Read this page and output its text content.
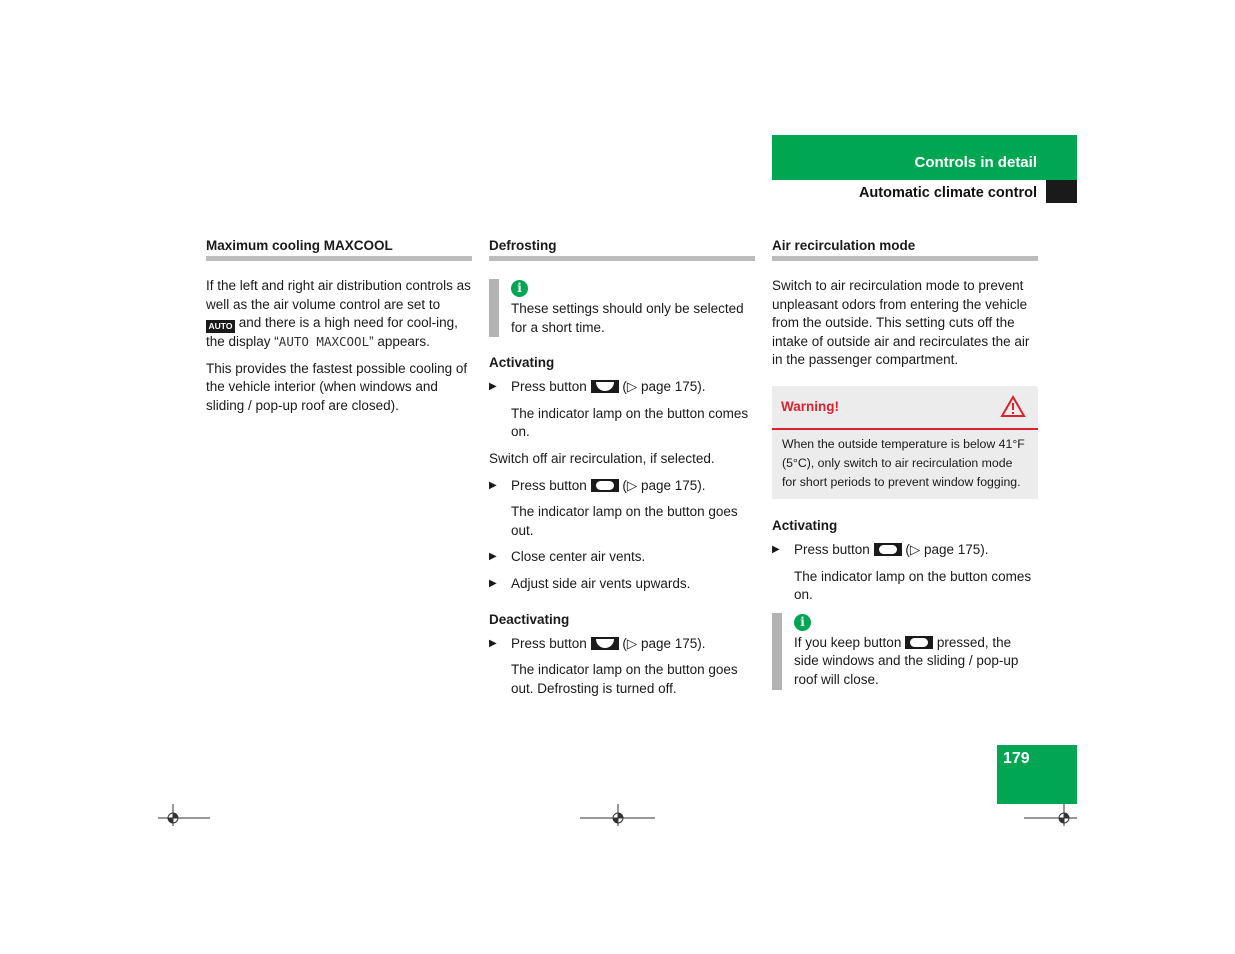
Controls in detail
Automatic climate control
Maximum cooling MAXCOOL

If the left and right air distribution controls as well as the air volume control are set to AUTO and there is a high need for cool-ing, the display “AUTO MAXCOOL” appears.

This provides the fastest possible cooling of the vehicle interior (when windows and sliding / pop-up roof are closed).

Defrosting
i

These settings should only be selected for a short time.

Activating
▶ Press button	(▷ page 175).
The indicator lamp on the button comes on.

Switch off air recirculation, if selected.

▶ Press button	(▷ page 175).
The indicator lamp on the button goes out.
▶ Close center air vents.
▶ Adjust side air vents upwards.
Deactivating
▶ Press button	(▷ page 175).
The indicator lamp on the button goes out. Defrosting is turned off.
Air recirculation mode

Switch to air recirculation mode to prevent unpleasant odors from entering the vehicle from the outside. This setting cuts off the intake of outside air and recirculates the air in the passenger compartment.

Warning!
When the outside temperature is below 41°F (5°C), only switch to air recirculation mode for short periods to prevent window fogging.
Activating
▶ Press button	(▷ page 175).
The indicator lamp on the button comes on.
i

If you keep button	pressed, the side windows and the sliding / pop-up roof will close.

179
